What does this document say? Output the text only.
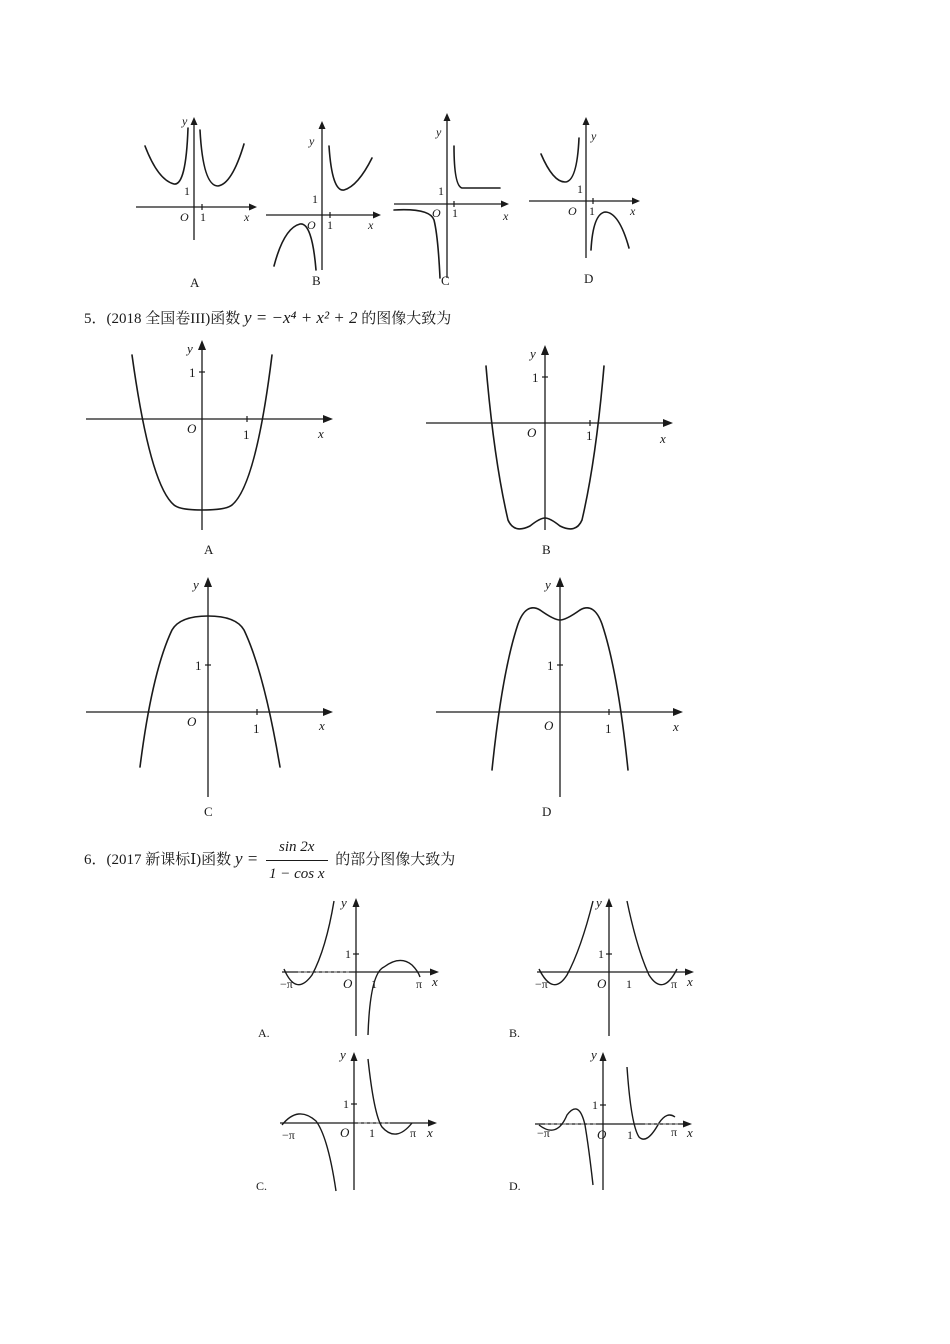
y
1
O 1	x
A
y
1
O 1	x
B
y
1
O 1	x
C
y
1
O 1	x
D
5．(2018 全国卷III)函数 y = −x⁴ + x² + 2 的图像大致为
y
1
O	1	x
A
y
1
O	1	x
B
y
1
O	1	x
C
y
1
O	1	x
D
6．(2017 新课标Ⅰ)函数 $y = \frac{\sin 2x}{\text{1 − cos x}}$ 的部分图像大致为
y
1
−π	O 1	π x
A.
y
1
−π	O 1	π x
B.
y
1
−π	O 1	π x
C.
y
1
−π	O 1	π x
D.
